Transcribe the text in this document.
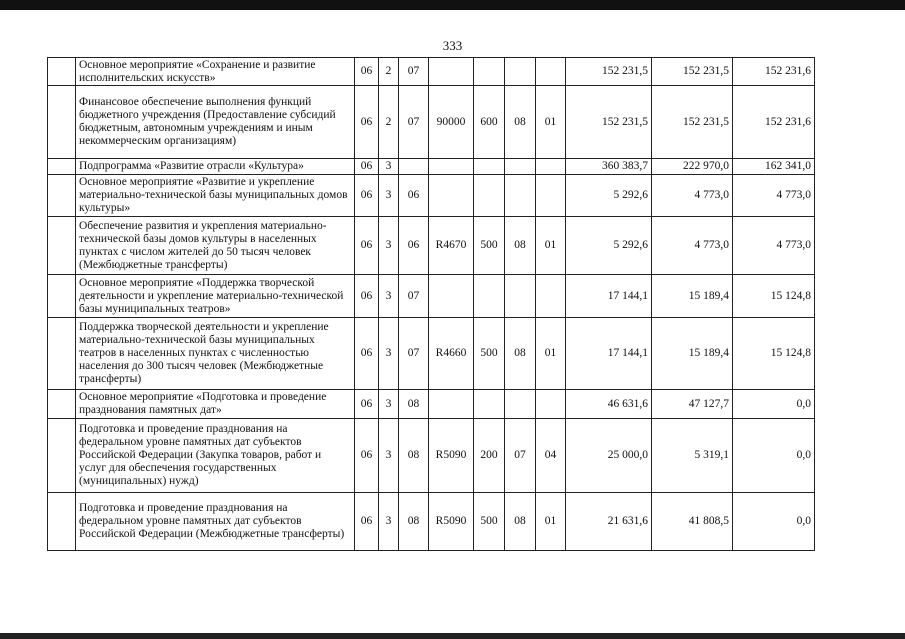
333
	Основное мероприятие «Сохранение и развитие исполнительских искусств»	06	2	07					152 231,5	152 231,5	152 231,6
	Финансовое обеспечение выполнения функций бюджетного учреждения (Предоставление субсидий бюджетным, автономным учреждениям и иным некоммерческим организациям)	06	2	07	90000	600	08	01	152 231,5	152 231,5	152 231,6
	Подпрограмма «Развитие отрасли «Культура»	06	3						360 383,7	222 970,0	162 341,0
	Основное мероприятие «Развитие и укрепление материально-технической базы муниципальных домов культуры»	06	3	06					5 292,6	4 773,0	4 773,0
	Обеспечение развития и укрепления материально-технической базы домов культуры в населенных пунктах с числом жителей до 50 тысяч человек (Межбюджетные трансферты)	06	3	06	R4670	500	08	01	5 292,6	4 773,0	4 773,0
	Основное мероприятие «Поддержка творческой деятельности и укрепление материально-технической базы муниципальных театров»	06	3	07					17 144,1	15 189,4	15 124,8
	Поддержка творческой деятельности и укрепление материально-технической базы муниципальных театров в населенных пунктах с численностью населения до 300 тысяч человек (Межбюджетные трансферты)	06	3	07	R4660	500	08	01	17 144,1	15 189,4	15 124,8
	Основное мероприятие «Подготовка и проведение празднования памятных дат»	06	3	08					46 631,6	47 127,7	0,0
	Подготовка и проведение празднования на федеральном уровне памятных дат субъектов Российской Федерации (Закупка товаров, работ и услуг для обеспечения государственных (муниципальных) нужд)	06	3	08	R5090	200	07	04	25 000,0	5 319,1	0,0
	Подготовка и проведение празднования на федеральном уровне памятных дат субъектов Российской Федерации (Межбюджетные трансферты)	06	3	08	R5090	500	08	01	21 631,6	41 808,5	0,0
